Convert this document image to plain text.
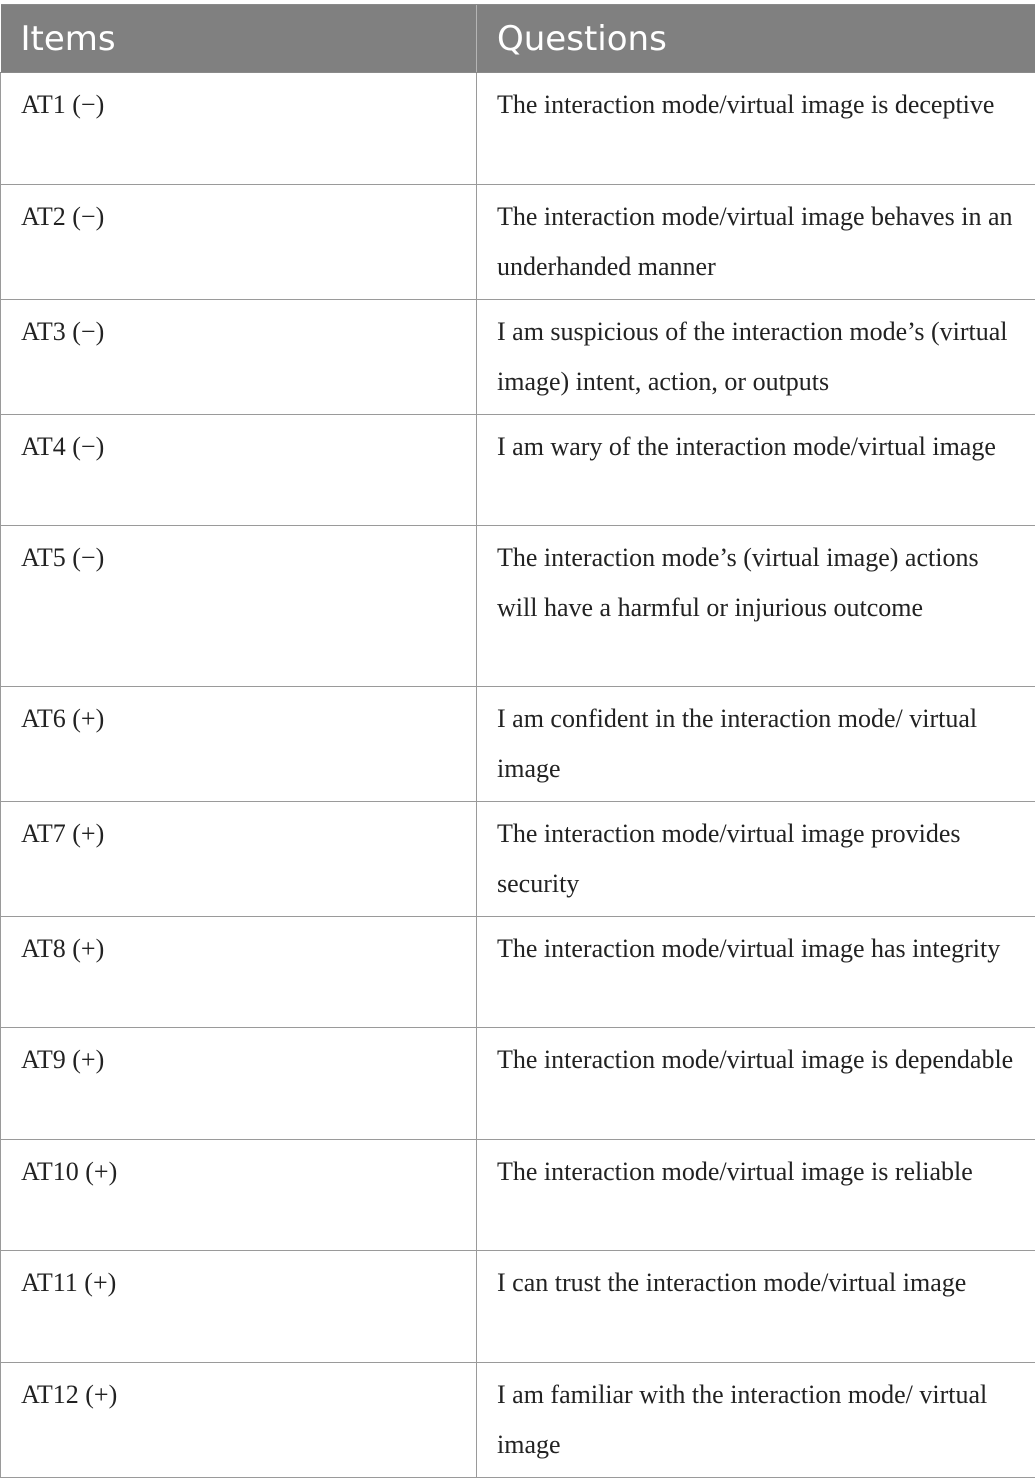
Items	Questions
AT1 (−)	The interaction mode/virtual image is deceptive
AT2 (−)	The interaction mode/virtual image behaves in an underhanded manner
AT3 (−)	I am suspicious of the interaction mode’s (virtual image) intent, action, or outputs
AT4 (−)	I am wary of the interaction mode/virtual image
AT5 (−)	The interaction mode’s (virtual image) actions will have a harmful or injurious outcome
AT6 (+)	I am confident in the interaction mode/ virtual image
AT7 (+)	The interaction mode/virtual image provides security
AT8 (+)	The interaction mode/virtual image has integrity
AT9 (+)	The interaction mode/virtual image is dependable
AT10 (+)	The interaction mode/virtual image is reliable
AT11 (+)	I can trust the interaction mode/virtual image
AT12 (+)	I am familiar with the interaction mode/ virtual image
